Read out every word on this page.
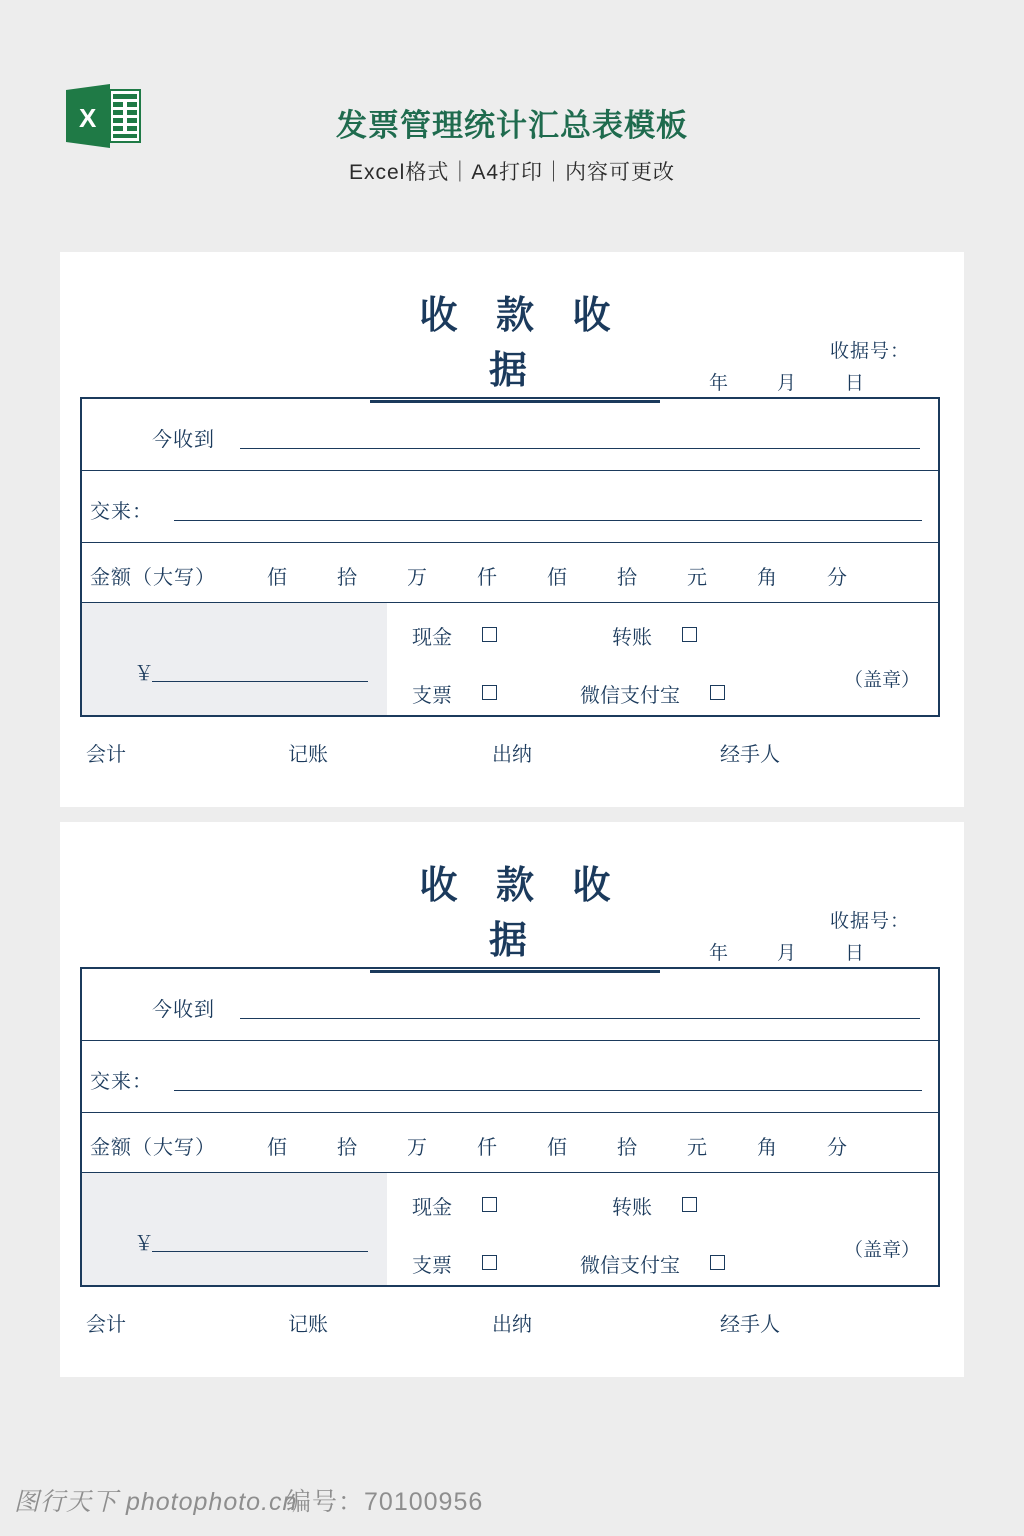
X	发票管理统计汇总表模板
Excel格式｜A4打印｜内容可更改
收 款 收 据	收据号：
年　月　日
今收到
交来：
金额（大写）	佰	拾	万	仟	佰	拾	元	角	分
￥
现金	转账
支票	微信支付宝
（盖章）
会计	记账	出纳	经手人
收 款 收 据	收据号：
年　月　日
今收到
交来：
金额（大写）	佰	拾	万	仟	佰	拾	元	角	分
￥
现金	转账
支票	微信支付宝
（盖章）
会计	记账	出纳	经手人
图行天下 photophoto.cn
编号：70100956
